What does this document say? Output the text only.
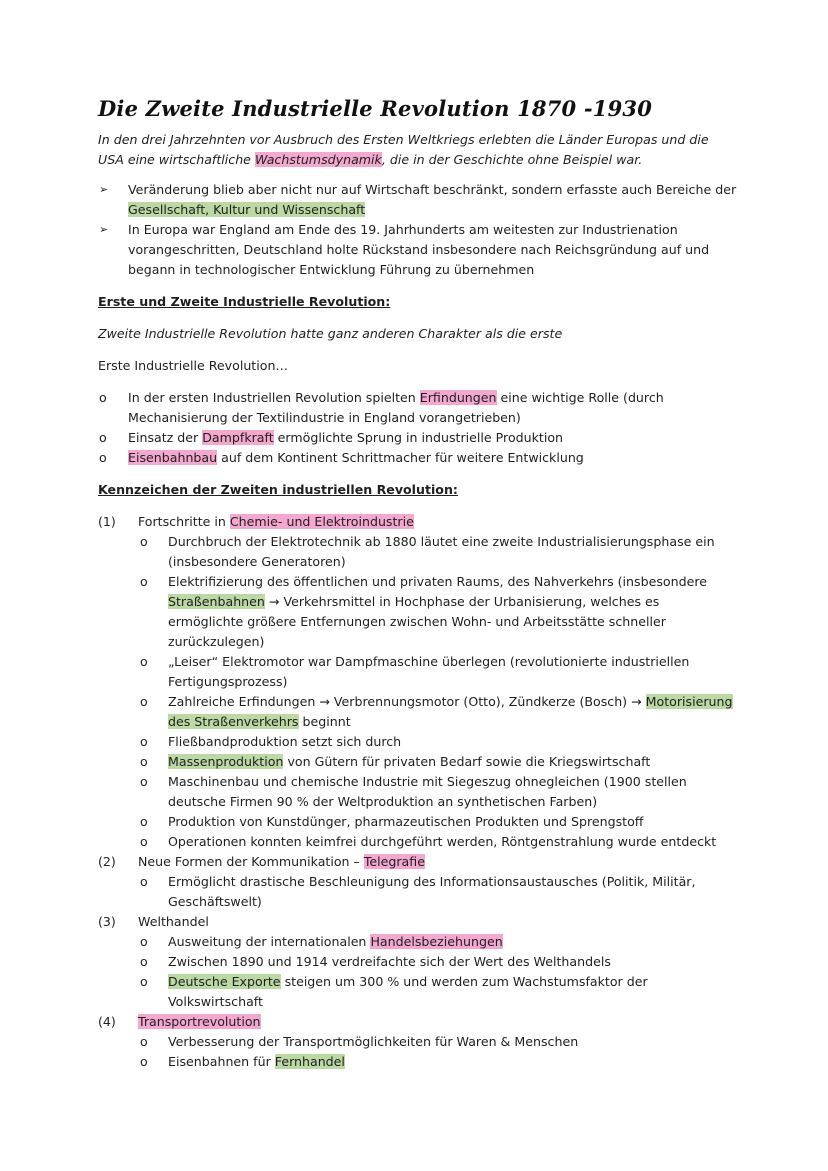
Die Zweite Industrielle Revolution 1870 -1930

In den drei Jahrzehnten vor Ausbruch des Ersten Weltkriegs erlebten die Länder Europas und die USA eine wirtschaftliche Wachstumsdynamik, die in der Geschichte ohne Beispiel war.

➢ Veränderung blieb aber nicht nur auf Wirtschaft beschränkt, sondern erfasste auch Bereiche der Gesellschaft, Kultur und Wissenschaft
➢ In Europa war England am Ende des 19. Jahrhunderts am weitesten zur Industrienation vorangeschritten, Deutschland holte Rückstand insbesondere nach Reichsgründung auf und begann in technologischer Entwicklung Führung zu übernehmen
Erste und Zweite Industrielle Revolution:
Zweite Industrielle Revolution hatte ganz anderen Charakter als die erste
Erste Industrielle Revolution…
o In der ersten Industriellen Revolution spielten Erfindungen eine wichtige Rolle (durch Mechanisierung der Textilindustrie in England vorangetrieben)
o Einsatz der Dampfkraft ermöglichte Sprung in industrielle Produktion
o Eisenbahnbau auf dem Kontinent Schrittmacher für weitere Entwicklung
Kennzeichen der Zweiten industriellen Revolution:
(1) Fortschritte in Chemie- und Elektroindustrie
o Durchbruch der Elektrotechnik ab 1880 läutet eine zweite Industrialisierungsphase ein (insbesondere Generatoren)
o Elektrifizierung des öffentlichen und privaten Raums, des Nahverkehrs (insbesondere Straßenbahnen → Verkehrsmittel in Hochphase der Urbanisierung, welches es ermöglichte größere Entfernungen zwischen Wohn- und Arbeitsstätte schneller zurückzulegen)
o „Leiser“ Elektromotor war Dampfmaschine überlegen (revolutionierte industriellen Fertigungsprozess)
o Zahlreiche Erfindungen → Verbrennungsmotor (Otto), Zündkerze (Bosch) → Motorisierung des Straßenverkehrs beginnt
o Fließbandproduktion setzt sich durch
o Massenproduktion von Gütern für privaten Bedarf sowie die Kriegswirtschaft
o Maschinenbau und chemische Industrie mit Siegeszug ohnegleichen (1900 stellen deutsche Firmen 90 % der Weltproduktion an synthetischen Farben)
o Produktion von Kunstdünger, pharmazeutischen Produkten und Sprengstoff
o Operationen konnten keimfrei durchgeführt werden, Röntgenstrahlung wurde entdeckt
(2) Neue Formen der Kommunikation – Telegrafie
o Ermöglicht drastische Beschleunigung des Informationsaustausches (Politik, Militär, Geschäftswelt)
(3) Welthandel
o Ausweitung der internationalen Handelsbeziehungen
o Zwischen 1890 und 1914 verdreifachte sich der Wert des Welthandels
o Deutsche Exporte steigen um 300 % und werden zum Wachstumsfaktor der Volkswirtschaft
(4) Transportrevolution
o Verbesserung der Transportmöglichkeiten für Waren & Menschen
o Eisenbahnen für Fernhandel
